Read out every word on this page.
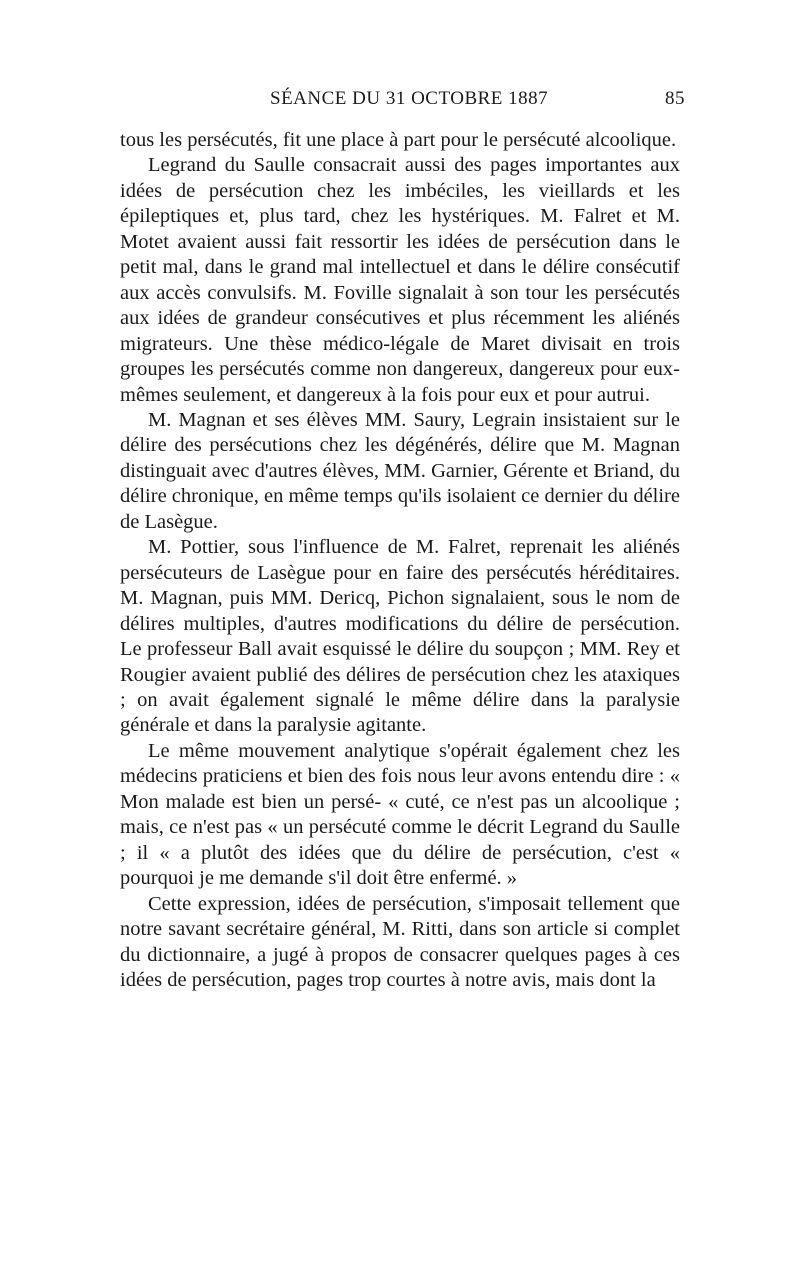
SÉANCE DU 31 OCTOBRE 1887	85

tous les persécutés, fit une place à part pour le persécuté alcoolique.

Legrand du Saulle consacrait aussi des pages importantes aux idées de persécution chez les imbéciles, les vieillards et les épileptiques et, plus tard, chez les hystériques. M. Falret et M. Motet avaient aussi fait ressortir les idées de persécution dans le petit mal, dans le grand mal intellectuel et dans le délire consécutif aux accès convulsifs. M. Foville signalait à son tour les persécutés aux idées de grandeur consécutives et plus récemment les aliénés migrateurs. Une thèse médico-légale de Maret divisait en trois groupes les persécutés comme non dangereux, dangereux pour eux-mêmes seulement, et dangereux à la fois pour eux et pour autrui.

M. Magnan et ses élèves MM. Saury, Legrain insistaient sur le délire des persécutions chez les dégénérés, délire que M. Magnan distinguait avec d'autres élèves, MM. Garnier, Gérente et Briand, du délire chronique, en même temps qu'ils isolaient ce dernier du délire de Lasègue.

M. Pottier, sous l'influence de M. Falret, reprenait les aliénés persécuteurs de Lasègue pour en faire des persécutés héréditaires. M. Magnan, puis MM. Dericq, Pichon signalaient, sous le nom de délires multiples, d'autres modifications du délire de persécution. Le professeur Ball avait esquissé le délire du soupçon ; MM. Rey et Rougier avaient publié des délires de persécution chez les ataxiques ; on avait également signalé le même délire dans la paralysie générale et dans la paralysie agitante.

Le même mouvement analytique s'opérait également chez les médecins praticiens et bien des fois nous leur avons entendu dire : « Mon malade est bien un persé- « cuté, ce n'est pas un alcoolique ; mais, ce n'est pas « un persécuté comme le décrit Legrand du Saulle ; il « a plutôt des idées que du délire de persécution, c'est « pourquoi je me demande s'il doit être enfermé. »

Cette expression, idées de persécution, s'imposait tellement que notre savant secrétaire général, M. Ritti, dans son article si complet du dictionnaire, a jugé à propos de consacrer quelques pages à ces idées de persécution, pages trop courtes à notre avis, mais dont la
